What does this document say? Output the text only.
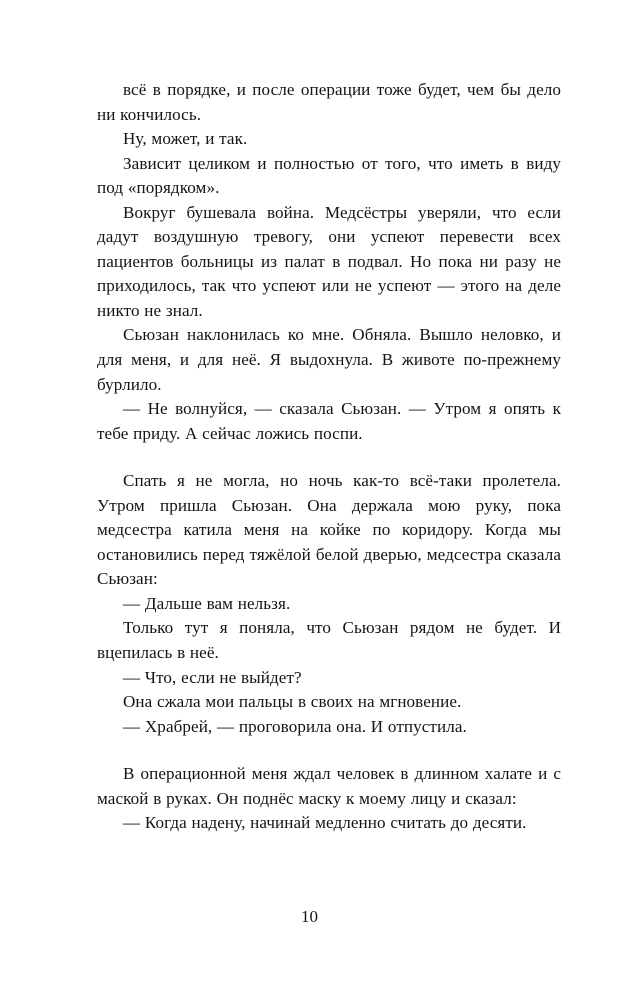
всё в порядке, и после операции тоже будет, чем бы дело ни кончилось.

Ну, может, и так.

Зависит целиком и полностью от того, что иметь в виду под «порядком».

Вокруг бушевала война. Медсёстры уверяли, что если дадут воздушную тревогу, они успеют перевести всех пациентов больницы из палат в подвал. Но пока ни разу не приходилось, так что успеют или не успеют — этого на деле никто не знал.

Сьюзан наклонилась ко мне. Обняла. Вышло неловко, и для меня, и для неё. Я выдохнула. В животе по-прежнему бурлило.

— Не волнуйся, — сказала Сьюзан. — Утром я опять к тебе приду. А сейчас ложись поспи.

Спать я не могла, но ночь как-то всё-таки пролетела. Утром пришла Сьюзан. Она держала мою руку, пока медсестра катила меня на койке по коридору. Когда мы остановились перед тяжёлой белой дверью, медсестра сказала Сьюзан:

— Дальше вам нельзя.

Только тут я поняла, что Сьюзан рядом не будет. И вцепилась в неё.

— Что, если не выйдет?

Она сжала мои пальцы в своих на мгновение.

— Храбрей, — проговорила она. И отпустила.

В операционной меня ждал человек в длинном халате и с маской в руках. Он поднёс маску к моему лицу и сказал:

— Когда надену, начинай медленно считать до десяти.

10
